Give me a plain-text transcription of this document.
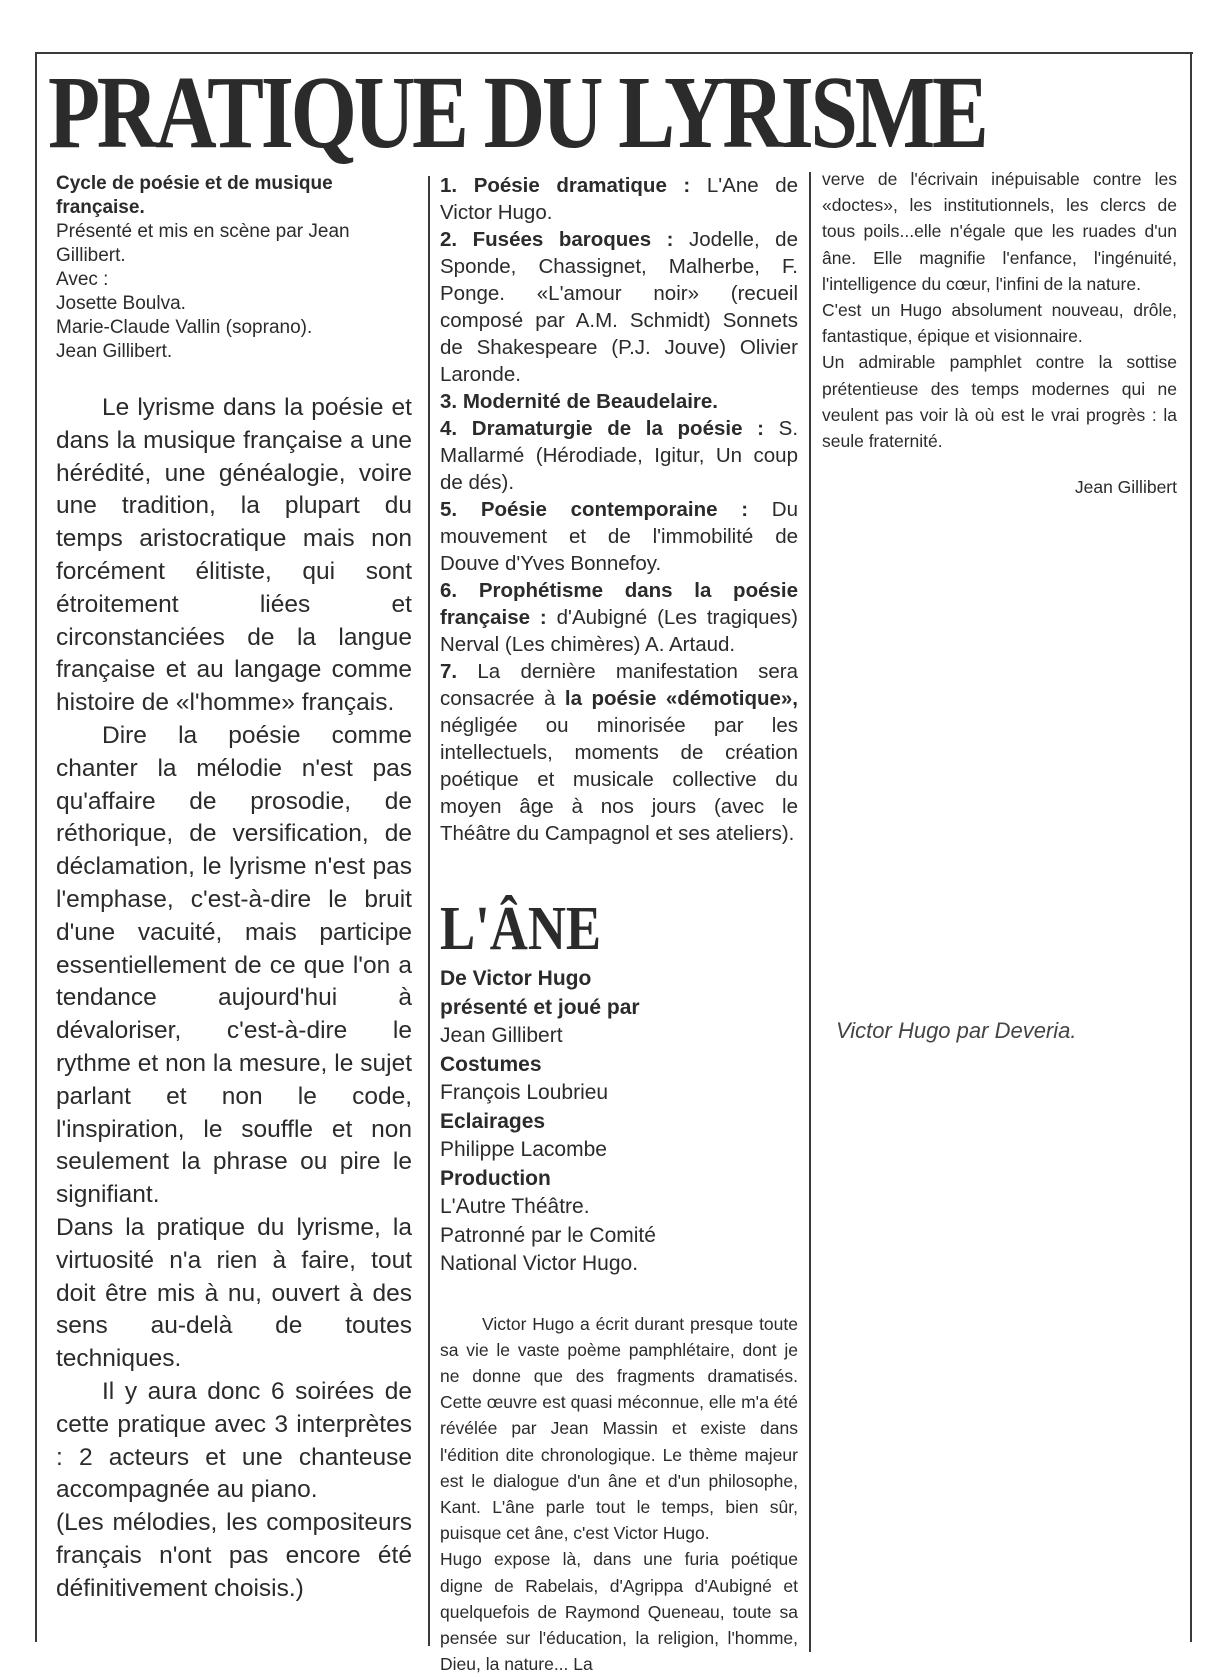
PRATIQUE DU LYRISME
Cycle de poésie et de musique française.
Présenté et mis en scène par Jean Gillibert.
Avec :
Josette Boulva.
Marie-Claude Vallin (soprano).
Jean Gillibert.

Le lyrisme dans la poésie et dans la musique française a une hérédité, une généalogie, voire une tradition, la plupart du temps aristocratique mais non forcément élitiste, qui sont étroitement liées et circonstanciées de la langue française et au langage comme histoire de «l'homme» français.

Dire la poésie comme chanter la mélodie n'est pas qu'affaire de prosodie, de réthorique, de versification, de déclamation, le lyrisme n'est pas l'emphase, c'est-à-dire le bruit d'une vacuité, mais participe essentiellement de ce que l'on a tendance aujourd'hui à dévaloriser, c'est-à-dire le rythme et non la mesure, le sujet parlant et non le code, l'inspiration, le souffle et non seulement la phrase ou pire le signifiant.

Dans la pratique du lyrisme, la virtuosité n'a rien à faire, tout doit être mis à nu, ouvert à des sens au-delà de toutes techniques.

Il y aura donc 6 soirées de cette pratique avec 3 interprètes : 2 acteurs et une chanteuse accompagnée au piano.

(Les mélodies, les compositeurs français n'ont pas encore été définitivement choisis.)

1. Poésie dramatique : L'Ane de Victor Hugo.
2. Fusées baroques : Jodelle, de Sponde, Chassignet, Malherbe, F. Ponge. «L'amour noir» (recueil composé par A.M. Schmidt) Sonnets de Shakespeare (P.J. Jouve) Olivier Laronde.
3. Modernité de Beaudelaire.
4. Dramaturgie de la poésie : S. Mallarmé (Hérodiade, Igitur, Un coup de dés).
5. Poésie contemporaine : Du mouvement et de l'immobilité de Douve d'Yves Bonnefoy.
6. Prophétisme dans la poésie française : d'Aubigné (Les tragiques) Nerval (Les chimères) A. Artaud.
7. La dernière manifestation sera consacrée à la poésie «démotique», négligée ou minorisée par les intellectuels, moments de création poétique et musicale collective du moyen âge à nos jours (avec le Théâtre du Campagnol et ses ateliers).
L'ÂNE
De Victor Hugo
présenté et joué par
Jean Gillibert
Costumes
François Loubrieu
Eclairages
Philippe Lacombe
Production
L'Autre Théâtre.
Patronné par le Comité
National Victor Hugo.

Victor Hugo a écrit durant presque toute sa vie le vaste poème pamphlétaire, dont je ne donne que des fragments dramatisés. Cette œuvre est quasi méconnue, elle m'a été révélée par Jean Massin et existe dans l'édition dite chronologique. Le thème majeur est le dialogue d'un âne et d'un philosophe, Kant. L'âne parle tout le temps, bien sûr, puisque cet âne, c'est Victor Hugo.

Hugo expose là, dans une furia poétique digne de Rabelais, d'Agrippa d'Aubigné et quelquefois de Raymond Queneau, toute sa pensée sur l'éducation, la religion, l'homme, Dieu, la nature... La

verve de l'écrivain inépuisable contre les «doctes», les institutionnels, les clercs de tous poils...elle n'égale que les ruades d'un âne. Elle magnifie l'enfance, l'ingénuité, l'intelligence du cœur, l'infini de la nature.

C'est un Hugo absolument nouveau, drôle, fantastique, épique et visionnaire.

Un admirable pamphlet contre la sottise prétentieuse des temps modernes qui ne veulent pas voir là où est le vrai progrès : la seule fraternité.

Jean Gillibert
Victor Hugo par Deveria.
